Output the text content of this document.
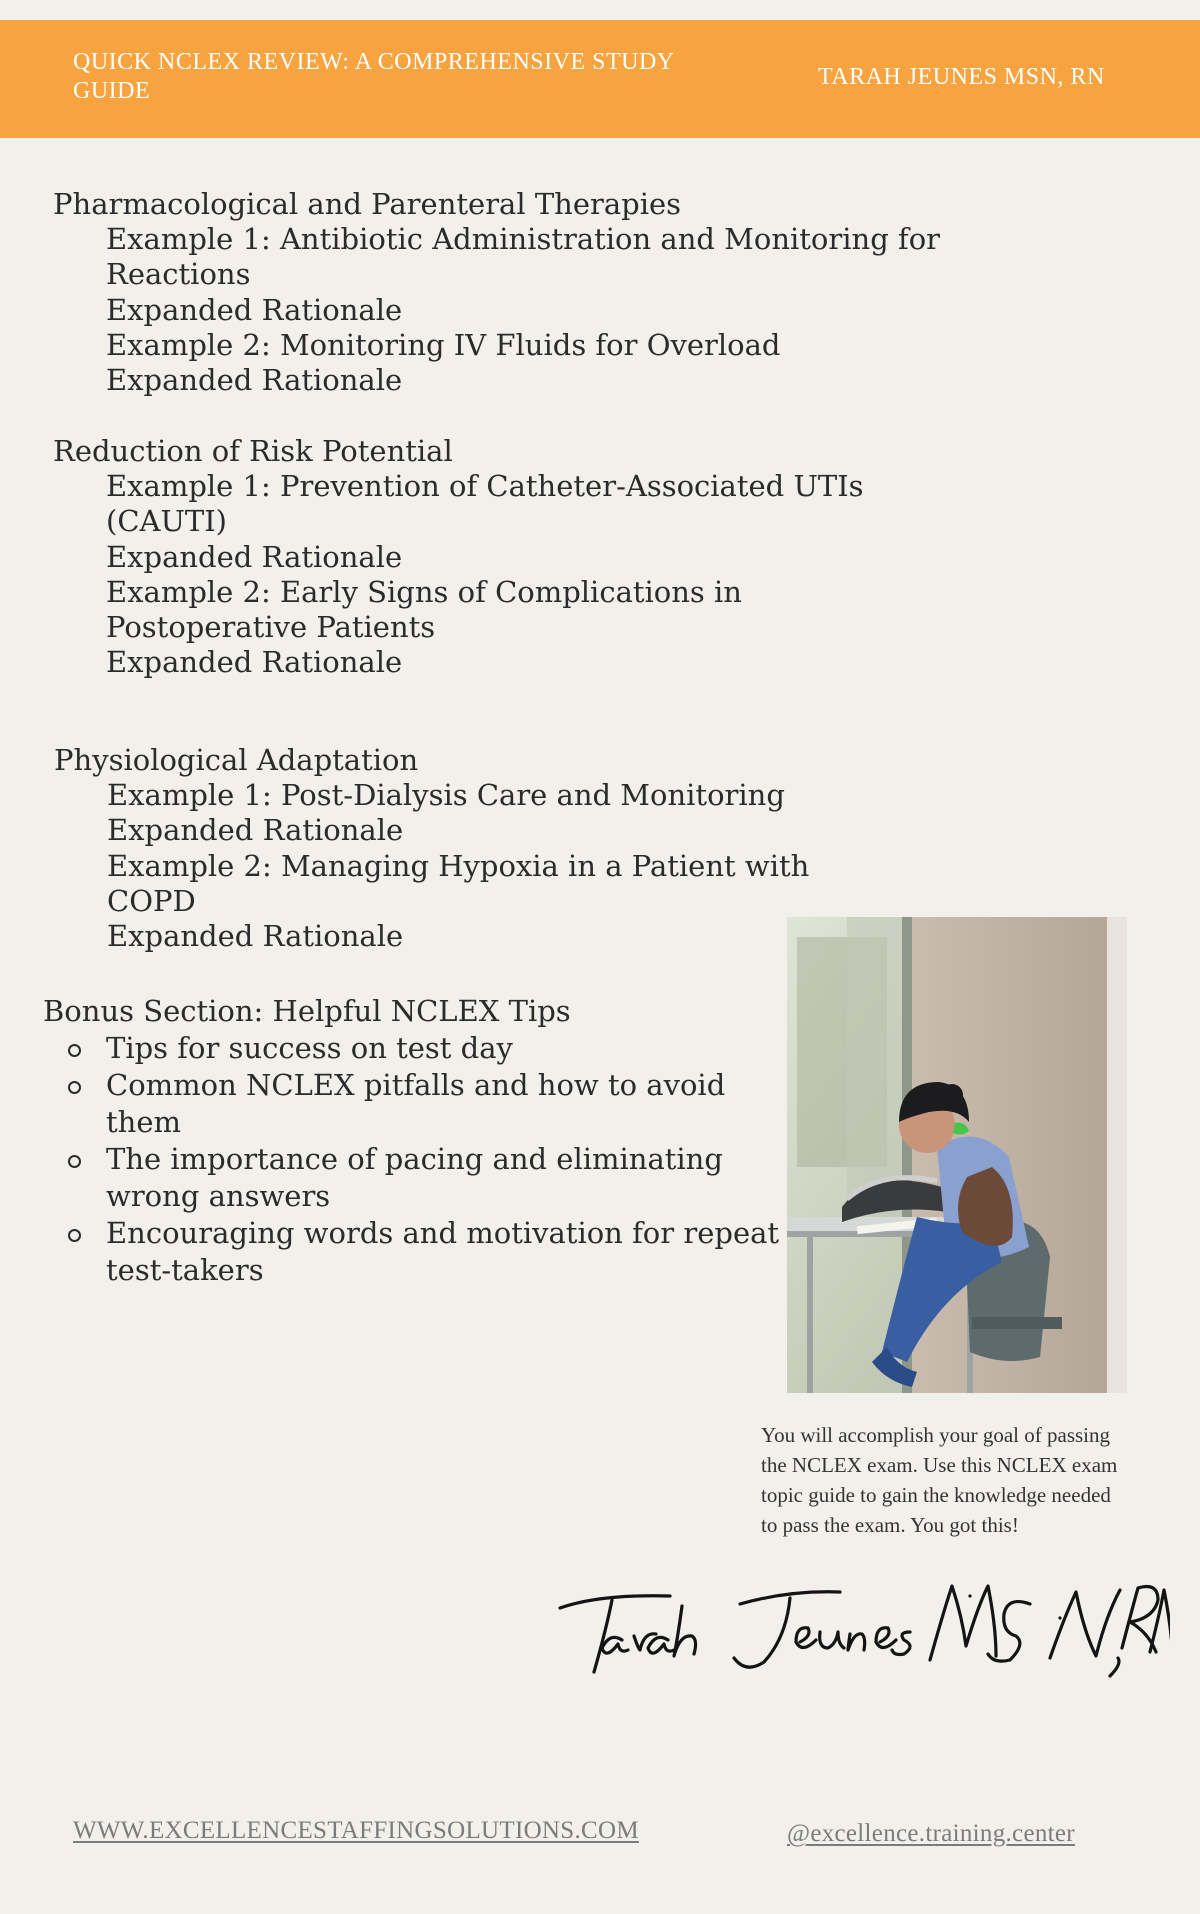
QUICK NCLEX REVIEW: A COMPREHENSIVE STUDY GUIDE
TARAH JEUNES MSN, RN
Pharmacological and Parenteral Therapies
Example 1: Antibiotic Administration and Monitoring for
Reactions
Expanded Rationale
Example 2: Monitoring IV Fluids for Overload
Expanded Rationale
Reduction of Risk Potential
Example 1: Prevention of Catheter-Associated UTIs
(CAUTI)
Expanded Rationale
Example 2: Early Signs of Complications in
Postoperative Patients
Expanded Rationale
Physiological Adaptation
Example 1: Post-Dialysis Care and Monitoring
Expanded Rationale
Example 2: Managing Hypoxia in a Patient with
COPD
Expanded Rationale
Bonus Section: Helpful NCLEX Tips
Tips for success on test day
Common NCLEX pitfalls and how to avoid them
The importance of pacing and eliminating wrong answers
Encouraging words and motivation for repeat test-takers
You will accomplish your goal of passing the NCLEX exam. Use this NCLEX exam topic guide to gain the knowledge needed to pass the exam. You got this!
WWW.EXCELLENCESTAFFINGSOLUTIONS.COM	@excellence.training.center
